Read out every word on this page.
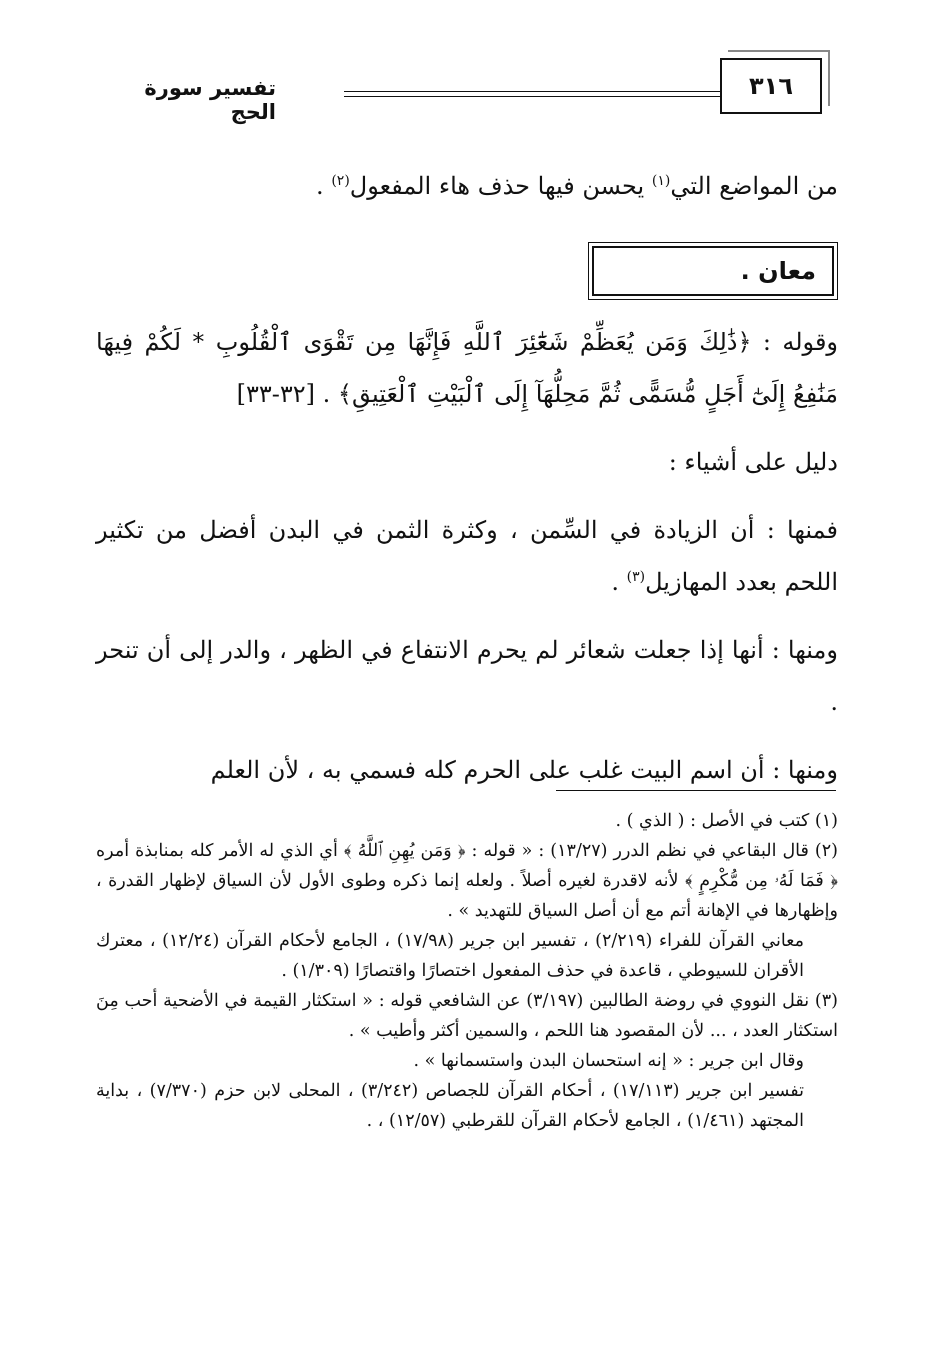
تفسير سورة الحج
٣١٦

من المواضع التي$^{(١)}$ يحسن فيها حذف هاء المفعول$^{(٢)}$ .

معان .

وقوله : ﴿ذَٰلِكَ وَمَن يُعَظِّمْ شَعَٰٓئِرَ ٱللَّهِ فَإِنَّهَا مِن تَقْوَى ٱلْقُلُوبِ * لَكُمْ فِيهَا مَنَٰفِعُ إِلَىٰٓ أَجَلٍ مُّسَمًّى ثُمَّ مَحِلُّهَآ إِلَى ٱلْبَيْتِ ٱلْعَتِيقِ﴾ . [٣٢-٣٣]

دليل على أشياء :

فمنها : أن الزيادة في السِّمن ، وكثرة الثمن في البدن أفضل من تكثير اللحم بعدد المهازيل$^{(٣)}$ .

ومنها : أنها إذا جعلت شعائر لم يحرم الانتفاع في الظهر ، والدر إلى أن تنحر .

ومنها : أن اسم البيت غلب على الحرم كله فسمي به ، لأن العلم

(١) كتب في الأصل : ( الذي ) .

(٢) قال البقاعي في نظم الدرر (١٣/٢٧) : « قوله : ﴿ وَمَن يُهِنِ ٱللَّهُ ﴾ أي الذي له الأمر كله بمنابذة أمره ﴿ فَمَا لَهُۥ مِن مُّكْرِمٍ ﴾ لأنه لاقدرة لغيره أصلاً . ولعله إنما ذكره وطوى الأول لأن السياق لإظهار القدرة ، وإظهارها في الإهانة أتم مع أن أصل السياق للتهديد » .

معاني القرآن للفراء (٢/٢١٩) ، تفسير ابن جرير (١٧/٩٨) ، الجامع لأحكام القرآن (١٢/٢٤) ، معترك الأقران للسيوطي ، قاعدة في حذف المفعول اختصارًا واقتصارًا (١/٣٠٩) .

(٣) نقل النووي في روضة الطالبين (٣/١٩٧) عن الشافعي قوله : « استكثار القيمة في الأضحية أحب مِنَ استكثار العدد ، ... لأن المقصود هنا اللحم ، والسمين أكثر وأطيب » .

وقال ابن جرير : « إنه استحسان البدن واستسمانها » .

تفسير ابن جرير (١٧/١١٣) ، أحكام القرآن للجصاص (٣/٢٤٢) ، المحلى لابن حزم (٧/٣٧٠) ، بداية المجتهد (١/٤٦١) ، الجامع لأحكام القرآن للقرطبي (١٢/٥٧) ، .
